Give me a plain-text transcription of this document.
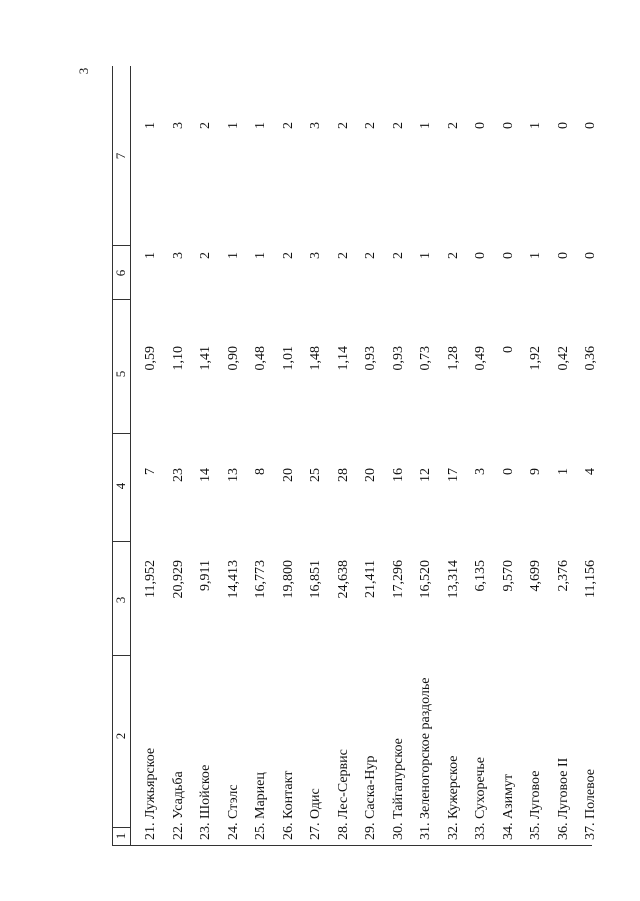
3
1
2
3
4
5
6
7
21. Лужьярское
11,952
7
0,59
1
1
22. Усадьба
20,929
23
1,10
3
3
23. Шойское
9,911
14
1,41
2
2
24. Стэлс
14,413
13
0,90
1
1
25. Мариец
16,773
8
0,48
1
1
26. Контакт
19,800
20
1,01
2
2
27. Одис
16,851
25
1,48
3
3
28. Лес-Сервис
24,638
28
1,14
2
2
29. Саска-Нур
21,411
20
0,93
2
2
30. Тайгапурское
17,296
16
0,93
2
2
31. Зеленогорское раздолье
16,520
12
0,73
1
1
32. Кужерское
13,314
17
1,28
2
2
33. Сухоречье
6,135
3
0,49
0
0
34. Азимут
9,570
0
0
0
0
35. Луговое
4,699
9
1,92
1
1
36. Луговое II
2,376
1
0,42
0
0
37. Полевое
11,156
4
0,36
0
0
